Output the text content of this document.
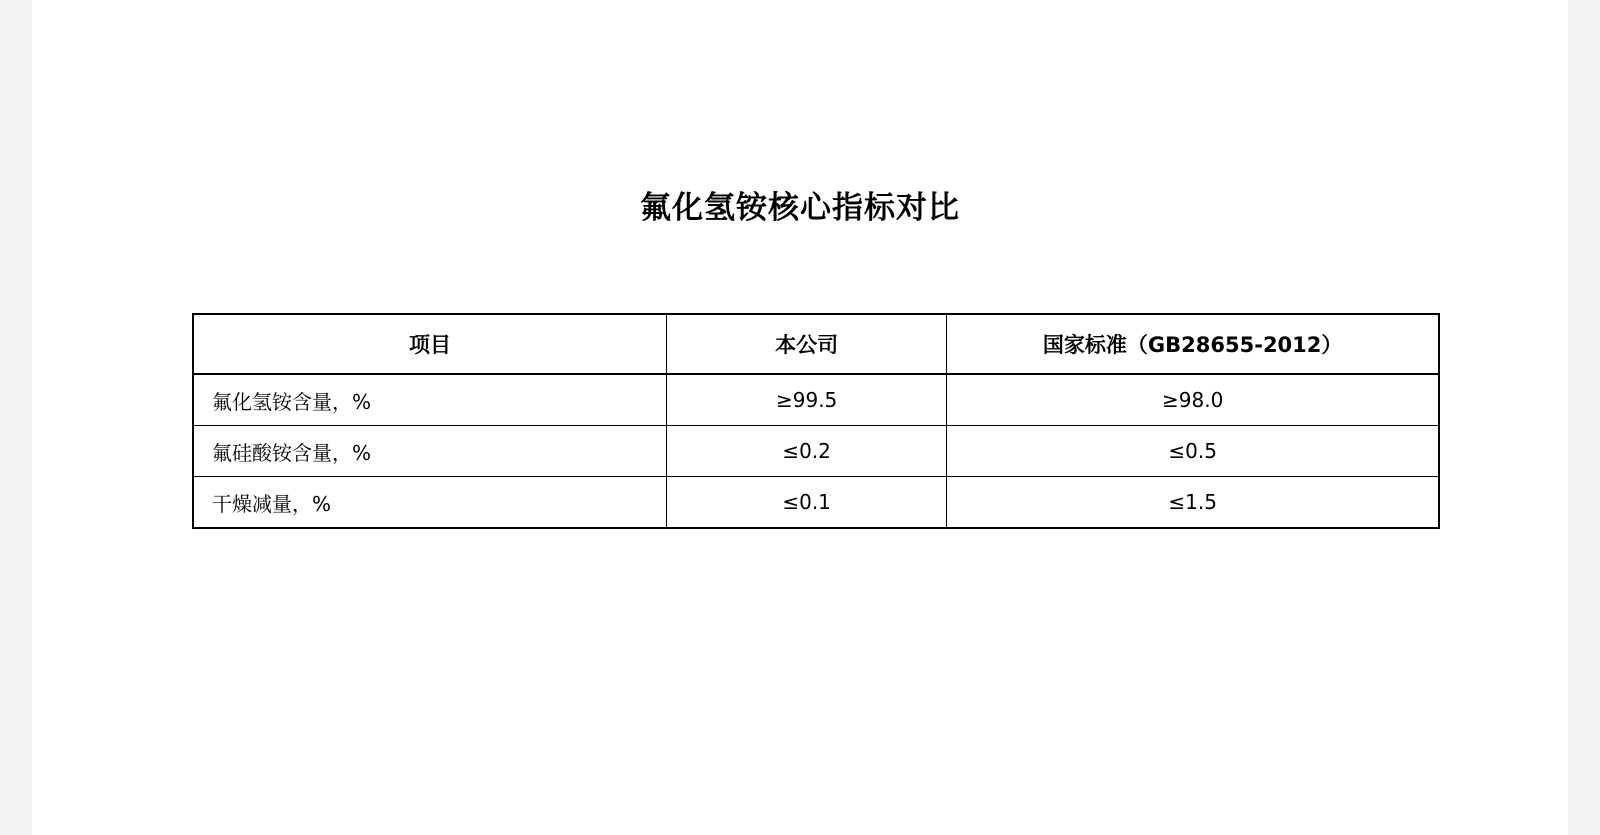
氟化氢铵核心指标对比
项目	本公司	国家标准（GB28655-2012）
氟化氢铵含量，%	≥99.5	≥98.0
氟硅酸铵含量，%	≤0.2	≤0.5
干燥减量，%	≤0.1	≤1.5
